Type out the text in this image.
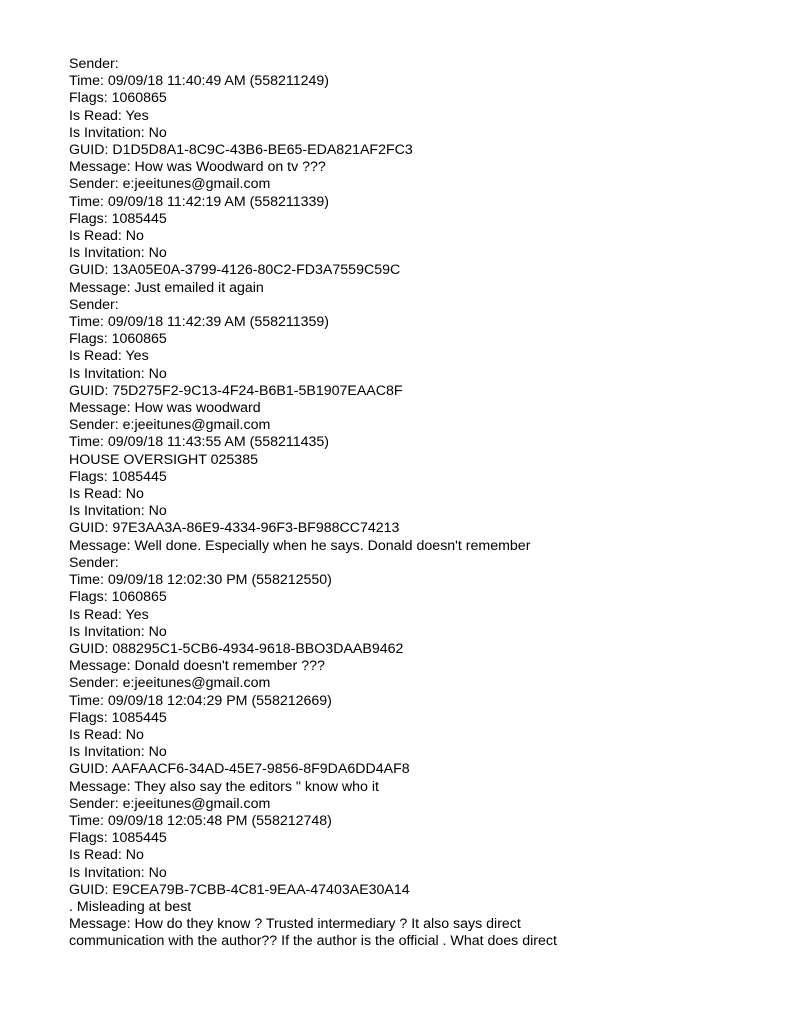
Sender:
Time: 09/09/18 11:40:49 AM (558211249)
Flags: 1060865
Is Read: Yes
Is Invitation: No
GUID: D1D5D8A1-8C9C-43B6-BE65-EDA821AF2FC3
Message: How was Woodward on tv ???
Sender: e:jeeitunes@gmail.com
Time: 09/09/18 11:42:19 AM (558211339)
Flags: 1085445
Is Read: No
Is Invitation: No
GUID: 13A05E0A-3799-4126-80C2-FD3A7559C59C
Message: Just emailed it again
Sender:
Time: 09/09/18 11:42:39 AM (558211359)
Flags: 1060865
Is Read: Yes
Is Invitation: No
GUID: 75D275F2-9C13-4F24-B6B1-5B1907EAAC8F
Message: How was woodward
Sender: e:jeeitunes@gmail.com
Time: 09/09/18 11:43:55 AM (558211435)
HOUSE OVERSIGHT 025385
Flags: 1085445
Is Read: No
Is Invitation: No
GUID: 97E3AA3A-86E9-4334-96F3-BF988CC74213
Message: Well done. Especially when he says. Donald doesn't remember
Sender:
Time: 09/09/18 12:02:30 PM (558212550)
Flags: 1060865
Is Read: Yes
Is Invitation: No
GUID: 088295C1-5CB6-4934-9618-BBO3DAAB9462
Message: Donald doesn't remember ???
Sender: e:jeeitunes@gmail.com
Time: 09/09/18 12:04:29 PM (558212669)
Flags: 1085445
Is Read: No
Is Invitation: No
GUID: AAFAACF6-34AD-45E7-9856-8F9DA6DD4AF8
Message: They also say the editors " know who it
Sender: e:jeeitunes@gmail.com
Time: 09/09/18 12:05:48 PM (558212748)
Flags: 1085445
Is Read: No
Is Invitation: No
GUID: E9CEA79B-7CBB-4C81-9EAA-47403AE30A14
. Misleading at best
Message: How do they know ? Trusted intermediary ? It also says direct
communication with the author?? If the author is the official . What does direct
